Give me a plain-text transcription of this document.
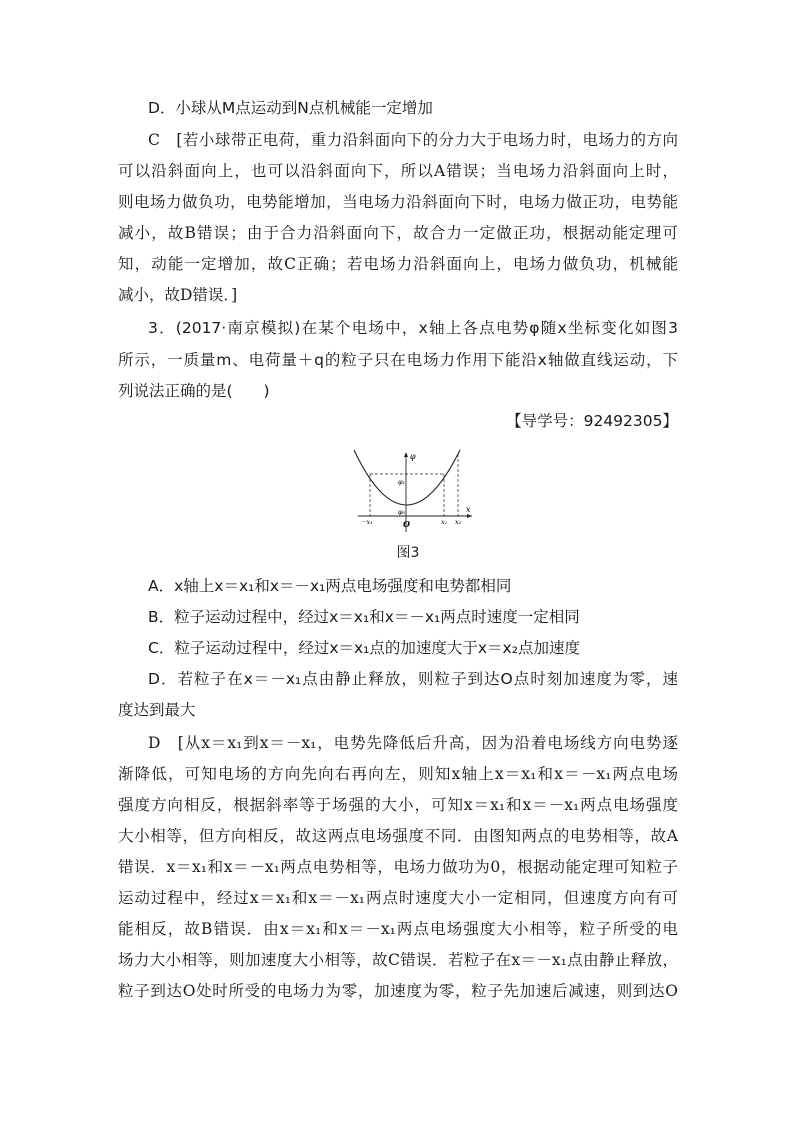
D．小球从M点运动到N点机械能一定增加
C　[若小球带正电荷，重力沿斜面向下的分力大于电场力时，电场力的方向
可以沿斜面向上，也可以沿斜面向下，所以A错误；当电场力沿斜面向上时，
则电场力做负功，电势能增加，当电场力沿斜面向下时，电场力做正功，电势能
减小，故B错误；由于合力沿斜面向下，故合力一定做正功，根据动能定理可
知，动能一定增加，故C正确；若电场力沿斜面向上，电场力做负功，机械能
减小，故D错误．]
3．(2017·南京模拟)在某个电场中，x轴上各点电势φ随x坐标变化如图3
所示，一质量m、电荷量＋q的粒子只在电场力作用下能沿x轴做直线运动，下
列说法正确的是(　　)
【导学号：92492305】
A．x轴上x＝x₁和x＝－x₁两点电场强度和电势都相同
B．粒子运动过程中，经过x＝x₁和x＝－x₁两点时速度一定相同
C．粒子运动过程中，经过x＝x₁点的加速度大于x＝x₂点加速度
D．若粒子在x＝－x₁点由静止释放，则粒子到达O点时刻加速度为零，速
度达到最大
D　[从x＝x₁到x＝－x₁，电势先降低后升高，因为沿着电场线方向电势逐
渐降低，可知电场的方向先向右再向左，则知x轴上x＝x₁和x＝－x₁两点电场
强度方向相反，根据斜率等于场强的大小，可知x＝x₁和x＝－x₁两点电场强度
大小相等，但方向相反，故这两点电场强度不同．由图知两点的电势相等，故A
错误．x＝x₁和x＝－x₁两点电势相等，电场力做功为0，根据动能定理可知粒子
运动过程中，经过x＝x₁和x＝－x₁两点时速度大小一定相同，但速度方向有可
能相反，故B错误．由x＝x₁和x＝－x₁两点电场强度大小相等，粒子所受的电
场力大小相等，则加速度大小相等，故C错误．若粒子在x＝－x₁点由静止释放，
粒子到达O处时所受的电场力为零，加速度为零，粒子先加速后减速，则到达O
φ
x
φ₁
φ₀
O
－x₁	x₁ x₂
图3
